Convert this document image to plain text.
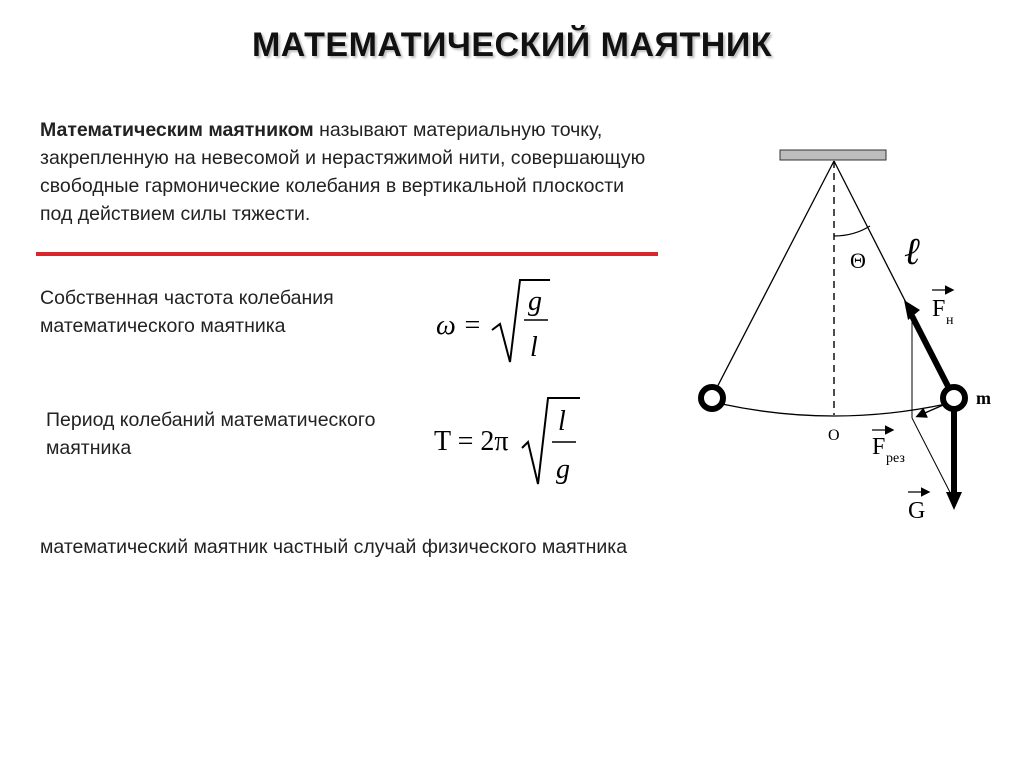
МАТЕМАТИЧЕСКИЙ МАЯТНИК
Математическим маятником называют материальную точку, закрепленную на невесомой и нерастяжимой нити, совершающую свободные гармонические колебания в вертикальной плоскости под действием силы тяжести.
Собственная частота колебания математического маятника	ω =
g
l
Период колебаний математического маятника	T = 2π
l
g
математический маятник частный случай физического маятника
Θ ℓ
O
m
F н
F рез
G
